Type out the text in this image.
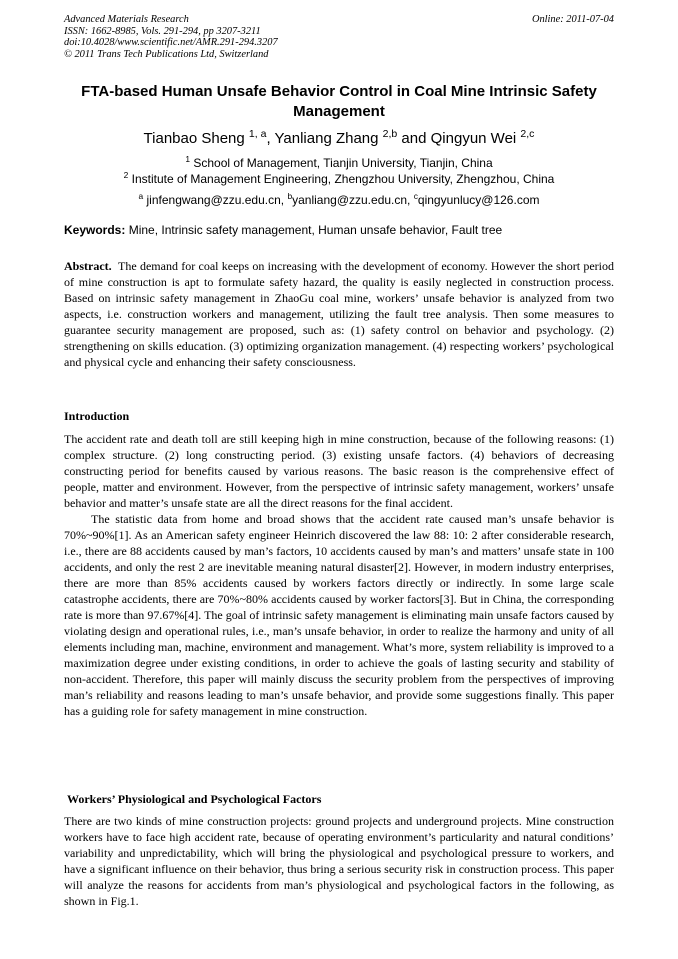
Advanced Materials Research
ISSN: 1662-8985, Vols. 291-294, pp 3207-3211
doi:10.4028/www.scientific.net/AMR.291-294.3207
© 2011 Trans Tech Publications Ltd, Switzerland
Online: 2011-07-04
FTA-based Human Unsafe Behavior Control in Coal Mine Intrinsic Safety Management
Tianbao Sheng $^{1, a}$, Yanliang Zhang $^{2,b}$ and Qingyun Wei $^{2,c}$
$^1$ School of Management, Tianjin University, Tianjin, China
$^2$ Institute of Management Engineering, Zhengzhou University, Zhengzhou, China
$^a$ jinfengwang@zzu.edu.cn, $^b$yanliang@zzu.edu.cn, $^c$qingyunlucy@126.com
Keywords: Mine, Intrinsic safety management, Human unsafe behavior, Fault tree

Abstract. The demand for coal keeps on increasing with the development of economy. However the short period of mine construction is apt to formulate safety hazard, the quality is easily neglected in construction process. Based on intrinsic safety management in ZhaoGu coal mine, workers’ unsafe behavior is analyzed from two aspects, i.e. construction workers and management, utilizing the fault tree analysis. Then some measures to guarantee security management are proposed, such as: (1) safety control on behavior and psychology. (2) strengthening on skills education. (3) optimizing organization management. (4) respecting workers’ psychological and physical cycle and enhancing their safety consciousness.

Introduction

The accident rate and death toll are still keeping high in mine construction, because of the following reasons: (1) complex structure. (2) long constructing period. (3) existing unsafe factors. (4) behaviors of decreasing constructing period for benefits caused by various reasons. The basic reason is the comprehensive effect of people, matter and environment. However, from the perspective of intrinsic safety management, workers’ unsafe behavior and matter’s unsafe state are all the direct reasons for the final accident.

The statistic data from home and broad shows that the accident rate caused man’s unsafe behavior is 70%~90%[1]. As an American safety engineer Heinrich discovered the law 88: 10: 2 after considerable research, i.e., there are 88 accidents caused by man’s factors, 10 accidents caused by man’s and matters’ unsafe state in 100 accidents, and only the rest 2 are inevitable meaning natural disaster[2]. However, in modern industry enterprises, there are more than 85% accidents caused by workers factors directly or indirectly. In some large scale catastrophe accidents, there are 70%~80% accidents caused by worker factors[3]. But in China, the corresponding rate is more than 97.67%[4]. The goal of intrinsic safety management is eliminating main unsafe factors caused by violating design and operational rules, i.e., man’s unsafe behavior, in order to realize the harmony and unity of all elements including man, machine, environment and management. What’s more, system reliability is improved to a maximization degree under existing conditions, in order to achieve the goals of lasting security and stability of non-accident. Therefore, this paper will mainly discuss the security problem from the perspectives of improving man’s reliability and reasons leading to man’s unsafe behavior, and provide some suggestions finally. This paper has a guiding role for safety management in mine construction.

Workers’ Physiological and Psychological Factors

There are two kinds of mine construction projects: ground projects and underground projects. Mine construction workers have to face high accident rate, because of operating environment’s particularity and natural conditions’ variability and unpredictability, which will bring the physiological and psychological pressure to workers, and have a significant influence on their behavior, thus bring a serious security risk in construction process. This paper will analyze the reasons for accidents from man’s physiological and psychological factors in the following, as shown in Fig.1.
